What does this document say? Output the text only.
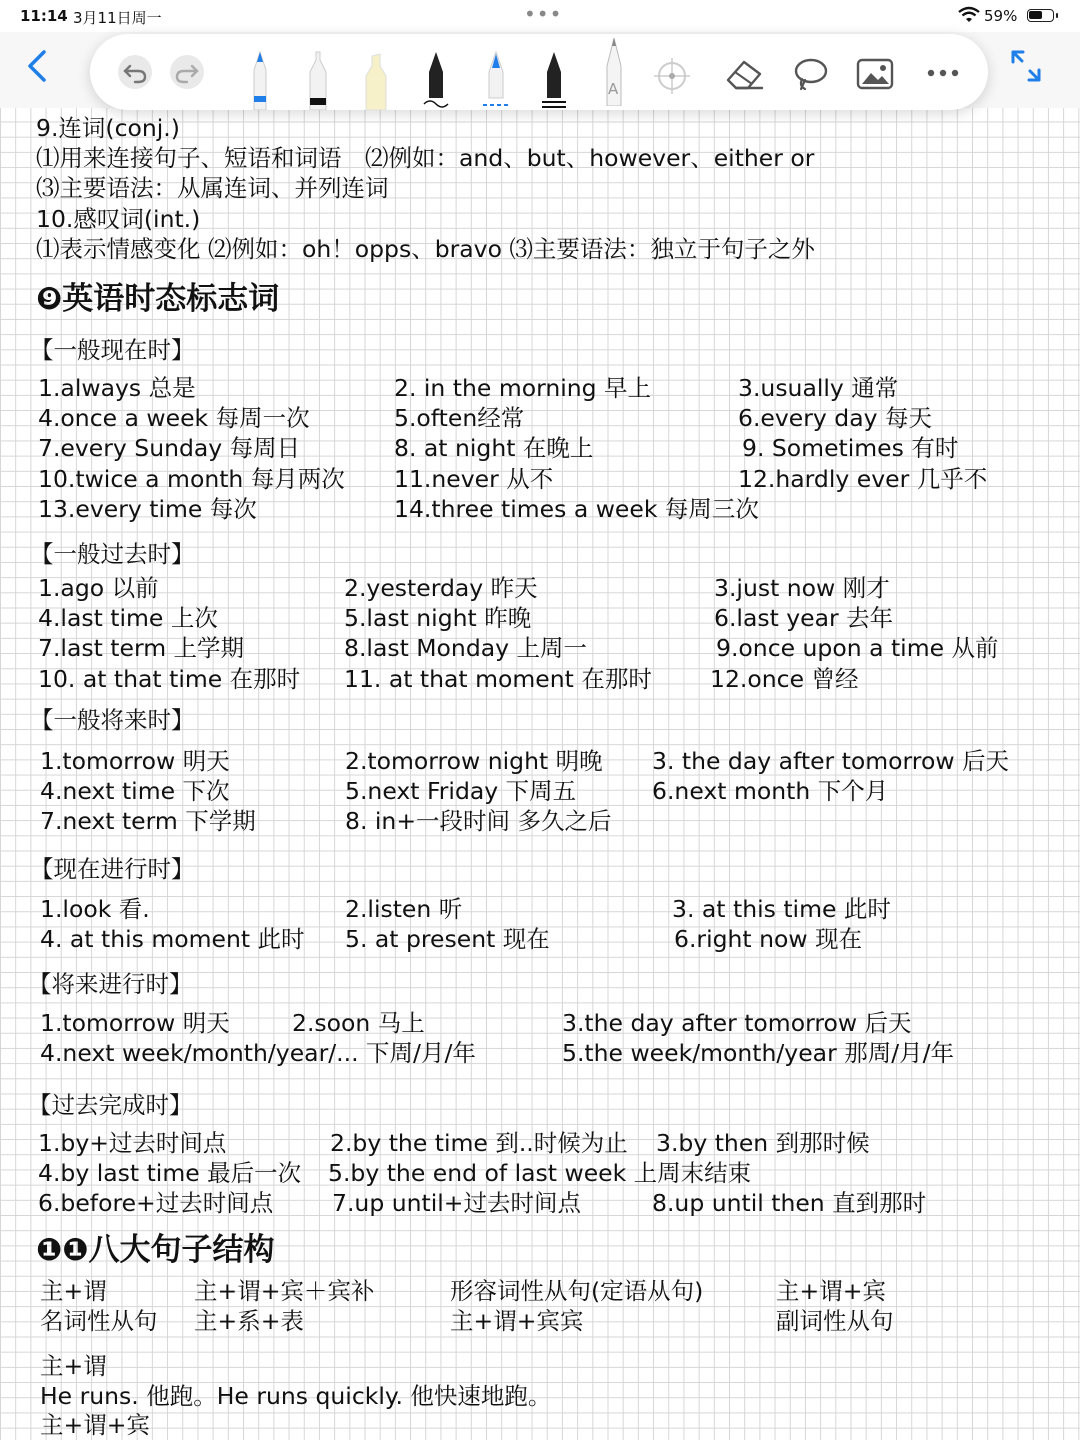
11:14 3月11日周一	•••	59%
A
9.连词(conj.)
⑴用来连接句子、短语和词语　⑵例如：and、but、however、either or
⑶主要语法：从属连词、并列连词
10.感叹词(int.)
⑴表示情感变化 ⑵例如：oh！opps、bravo ⑶主要语法：独立于句子之外
❾英语时态标志词
【一般现在时】
1.always 总是	2. in the morning 早上	3.usually 通常
4.once a week 每周一次	5.often经常	6.every day 每天
7.every Sunday 每周日	8. at night 在晚上	9. Sometimes 有时
10.twice a month 每月两次 11.never 从不	12.hardly ever 几乎不
13.every time 每次	14.three times a week 每周三次
【一般过去时】
1.ago 以前	2.yesterday 昨天	3.just now 刚才
4.last time 上次	5.last night 昨晚	6.last year 去年
7.last term 上学期	8.last Monday 上周一	9.once upon a time 从前
10. at that time 在那时 11. at that moment 在那时 12.once 曾经
【一般将来时】
1.tomorrow 明天	2.tomorrow night 明晚 3. the day after tomorrow 后天
4.next time 下次	5.next Friday 下周五	6.next month 下个月
7.next term 下学期	8. in+一段时间 多久之后
【现在进行时】
1.look 看.	2.listen 听	3. at this time 此时
4. at this moment 此时 5. at present 现在	6.right now 现在
【将来进行时】
1.tomorrow 明天	2.soon 马上	3.the day after tomorrow 后天
4.next week/month/year/... 下周/月/年	5.the week/month/year 那周/月/年
【过去完成时】
1.by+过去时间点	2.by the time 到..时候为止 3.by then 到那时候
4.by last time 最后一次 5.by the end of last week 上周末结束
6.before+过去时间点	7.up until+过去时间点	8.up until then 直到那时
❶❶八大句子结构
主+谓	主+谓+宾＋宾补	形容词性从句(定语从句)	主+谓+宾
名词性从句 主+系+表	主+谓+宾宾	副词性从句
主+谓
He runs. 他跑。He runs quickly. 他快速地跑。
主+谓+宾
